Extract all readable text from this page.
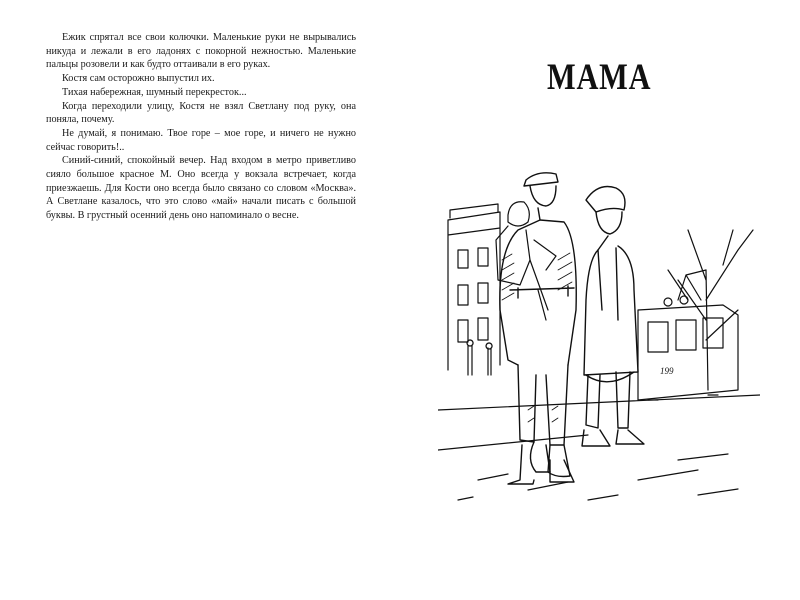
Ежик спрятал все свои колючки. Маленькие руки не вырывались никуда и лежали в его ладонях с покорной нежностью. Маленькие пальцы розовели и как будто оттаивали в его руках.

Костя сам осторожно выпустил их.

Тихая набережная, шумный перекресток...

Когда переходили улицу, Костя не взял Светлану под руку, она поняла, почему.

Не думай, я понимаю. Твое горе – мое горе, и ничего не нужно сейчас говорить!..

Синий-синий, спокойный вечер. Над входом в метро приветливо сияло большое красное М. Оно всегда у вокзала встречает, когда приезжаешь. Для Кости оно всегда было связано со словом «Москва». А Светлане казалось, что это слово «май» начали писать с большой буквы. В грустный осенний день оно напоминало о весне.

МАМА
199
